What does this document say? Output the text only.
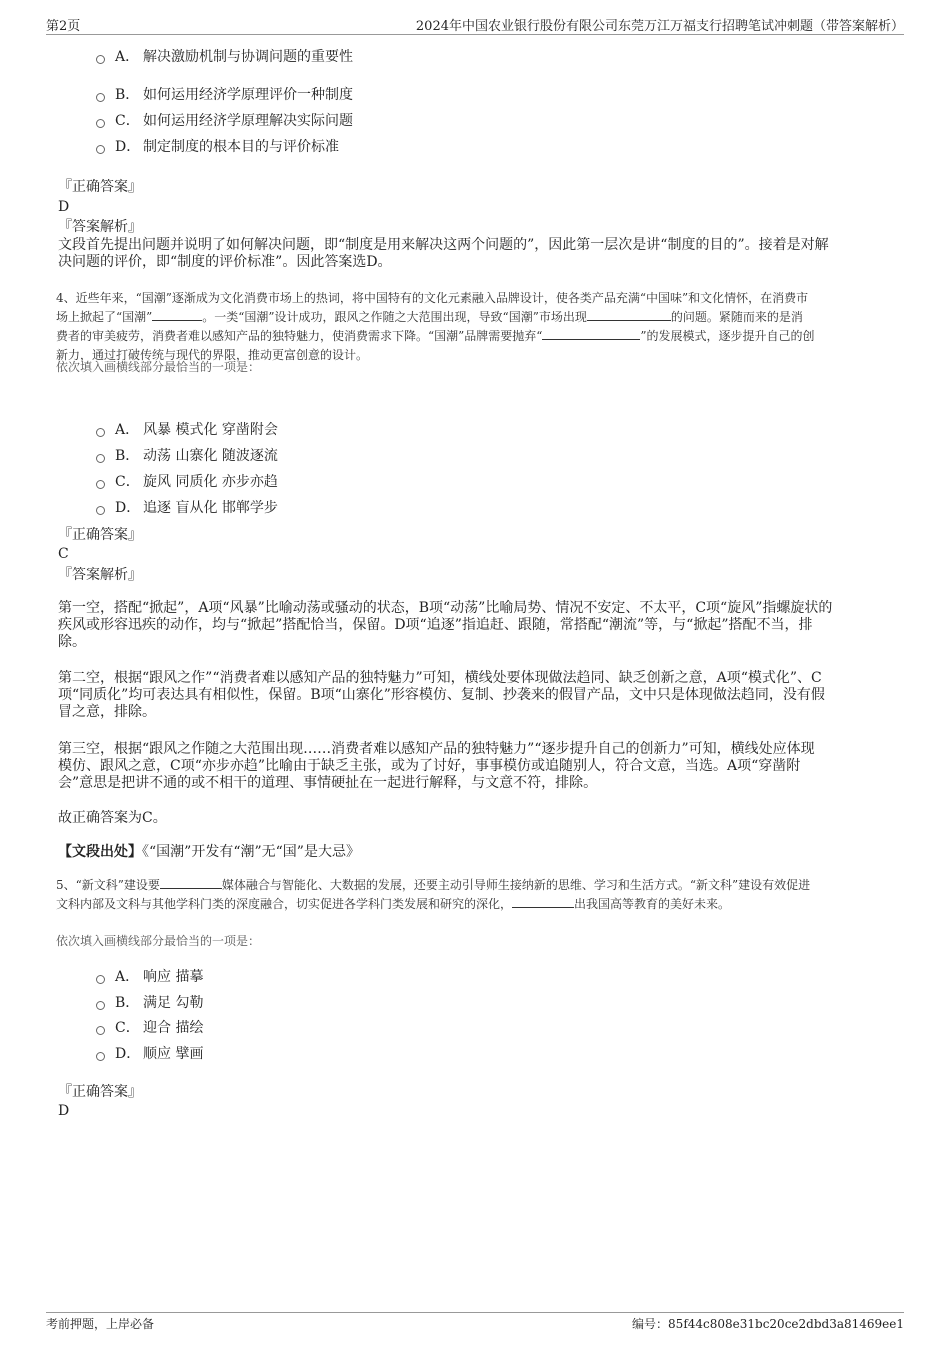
第2页	2024年中国农业银行股份有限公司东莞万江万福支行招聘笔试冲刺题（带答案解析）
A． 解决激励机制与协调问题的重要性
B． 如何运用经济学原理评价一种制度
C． 如何运用经济学原理解决实际问题
D． 制定制度的根本目的与评价标准
『正确答案』
D
『答案解析』
文段首先提出问题并说明了如何解决问题，即“制度是用来解决这两个问题的”，因此第一层次是讲“制度的目的”。接着是对解
决问题的评价，即“制度的评价标准”。因此答案选D。
4、近些年来，“国潮”逐渐成为文化消费市场上的热词，将中国特有的文化元素融入品牌设计，使各类产品充满“中国味”和文化情怀，在消费市
场上掀起了“国潮”	。一类“国潮”设计成功，跟风之作随之大范围出现，导致“国潮”市场出现	的问题。紧随而来的是消
费者的审美疲劳，消费者难以感知产品的独特魅力，使消费需求下降。“国潮”品牌需要抛弃“	”的发展模式，逐步提升自己的创
新力，通过打破传统与现代的界限，推动更富创意的设计。
依次填入画横线部分最恰当的一项是：
A． 风暴 模式化 穿凿附会
B． 动荡 山寨化 随波逐流
C． 旋风 同质化 亦步亦趋
D． 追逐 盲从化 邯郸学步
『正确答案』
C
『答案解析』
第一空，搭配“掀起”，A项“风暴”比喻动荡或骚动的状态，B项“动荡”比喻局势、情况不安定、不太平，C项“旋风”指螺旋状的
疾风或形容迅疾的动作，均与“掀起”搭配恰当，保留。D项“追逐”指追赶、跟随，常搭配“潮流”等，与“掀起”搭配不当，排
除。
第二空，根据“跟风之作”“消费者难以感知产品的独特魅力”可知，横线处要体现做法趋同、缺乏创新之意，A项“模式化”、C
项“同质化”均可表达具有相似性，保留。B项“山寨化”形容模仿、复制、抄袭来的假冒产品，文中只是体现做法趋同，没有假
冒之意，排除。
第三空，根据“跟风之作随之大范围出现……消费者难以感知产品的独特魅力”“逐步提升自己的创新力”可知，横线处应体现
模仿、跟风之意，C项“亦步亦趋”比喻由于缺乏主张，或为了讨好，事事模仿或追随别人，符合文意，当选。A项“穿凿附
会”意思是把讲不通的或不相干的道理、事情硬扯在一起进行解释，与文意不符，排除。
故正确答案为C。
【文段出处】《“国潮”开发有“潮”无“国”是大忌》
5、“新文科”建设要	媒体融合与智能化、大数据的发展，还要主动引导师生接纳新的思维、学习和生活方式。“新文科”建设有效促进
文科内部及文科与其他学科门类的深度融合，切实促进各学科门类发展和研究的深化，	出我国高等教育的美好未来。
依次填入画横线部分最恰当的一项是：
A． 响应 描摹
B． 满足 勾勒
C． 迎合 描绘
D． 顺应 擘画
『正确答案』
D
考前押题，上岸必备	编号：85f44c808e31bc20ce2dbd3a81469ee1
